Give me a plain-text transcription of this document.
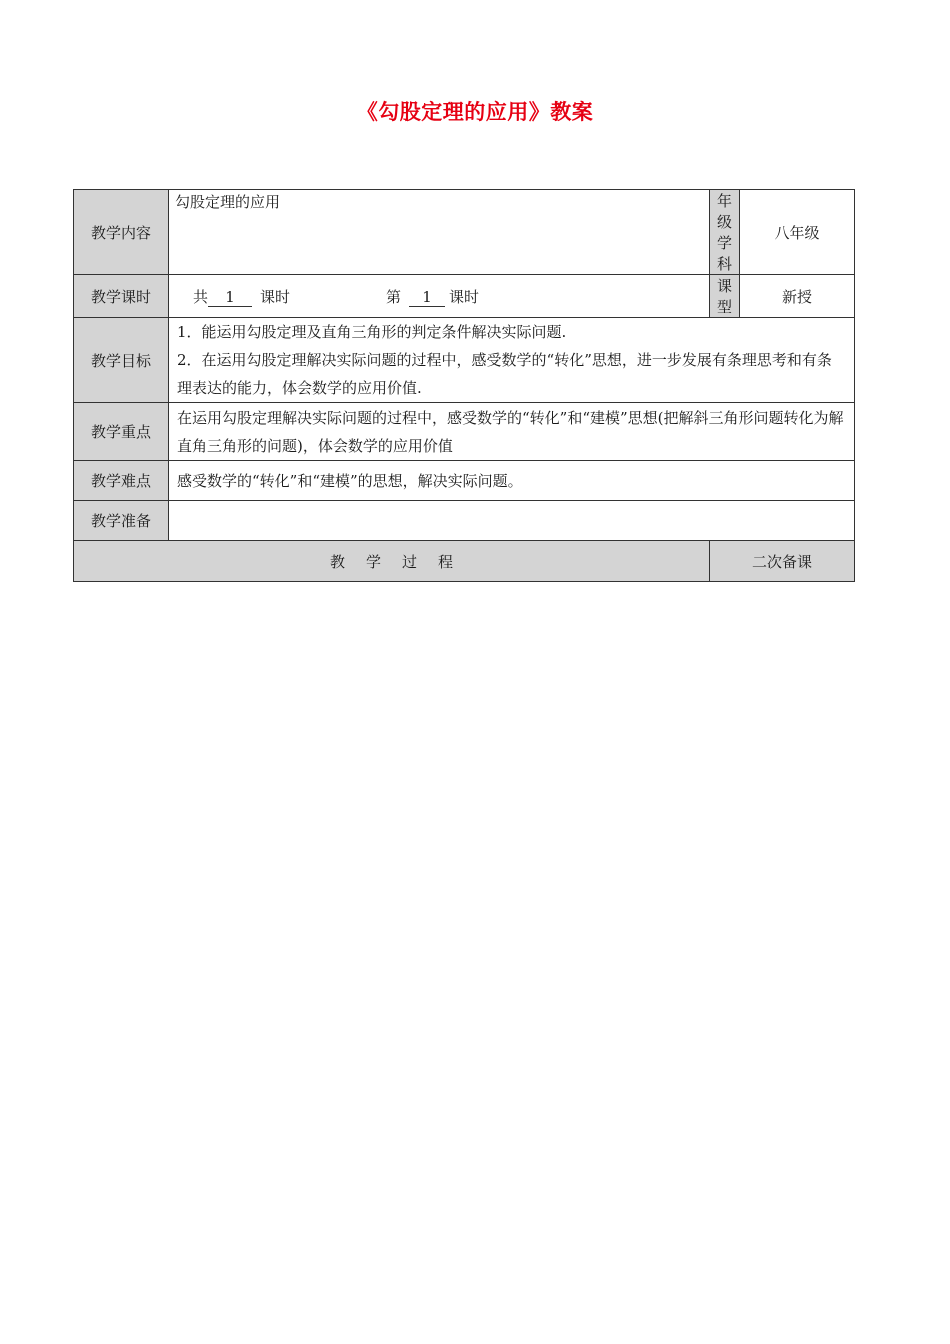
《勾股定理的应用》教案
教学内容	勾股定理的应用	年级学科	八年级
教学课时	共 1 课时 第 1 课时	课　　型	新授
教学目标	1．能运用勾股定理及直角三角形的判定条件解决实际问题.
2．在运用勾股定理解决实际问题的过程中，感受数学的“转化”思想，进一步发展有条理思考和有条理表达的能力，体会数学的应用价值.		

教学重点	在运用勾股定理解决实际问题的过程中，感受数学的“转化”和“建模”思想(把解斜三角形问题转化为解直角三角形的问题)，体会数学的应用价值		
教学难点	感受数学的“转化”和“建模”的思想，解决实际问题。		
教学准备			
教 学 过 程		二次备课	
